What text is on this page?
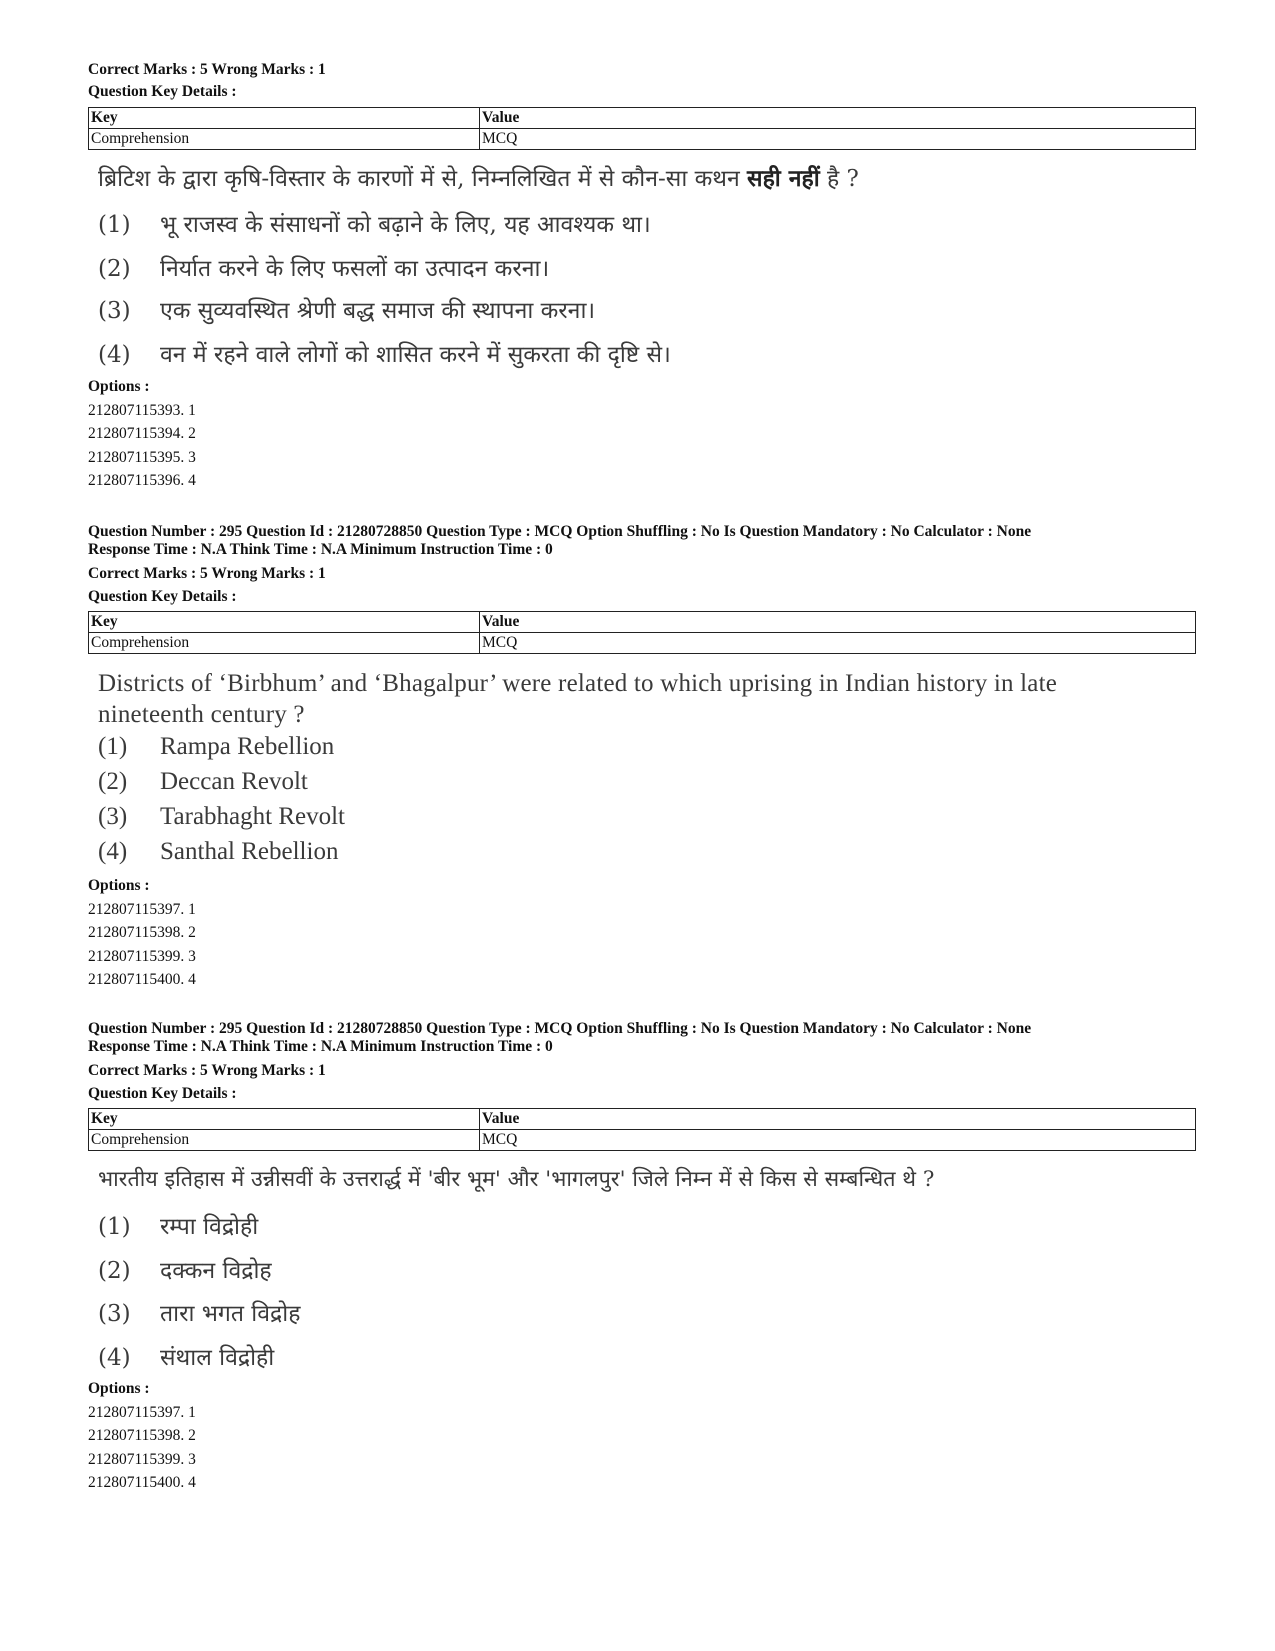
Correct Marks : 5 Wrong Marks : 1
Question Key Details :
Key	Value
Comprehension	MCQ
ब्रिटिश के द्वारा कृषि-विस्तार के कारणों में से, निम्नलिखित में से कौन-सा कथन सही नहीं है ?
(1) भू राजस्व के संसाधनों को बढ़ाने के लिए, यह आवश्यक था।
(2) निर्यात करने के लिए फसलों का उत्पादन करना।
(3) एक सुव्यवस्थित श्रेणी बद्ध समाज की स्थापना करना।
(4) वन में रहने वाले लोगों को शासित करने में सुकरता की दृष्टि से।
Options :
212807115393. 1
212807115394. 2
212807115395. 3
212807115396. 4
Question Number : 295 Question Id : 21280728850 Question Type : MCQ Option Shuffling : No Is Question Mandatory : No Calculator : None
Response Time : N.A Think Time : N.A Minimum Instruction Time : 0
Correct Marks : 5 Wrong Marks : 1
Question Key Details :
Key	Value
Comprehension	MCQ
Districts of ‘Birbhum’ and ‘Bhagalpur’ were related to which uprising in Indian history in late
nineteenth century ?
(1) Rampa Rebellion
(2) Deccan Revolt
(3) Tarabhaght Revolt
(4) Santhal Rebellion
Options :
212807115397. 1
212807115398. 2
212807115399. 3
212807115400. 4
Question Number : 295 Question Id : 21280728850 Question Type : MCQ Option Shuffling : No Is Question Mandatory : No Calculator : None
Response Time : N.A Think Time : N.A Minimum Instruction Time : 0
Correct Marks : 5 Wrong Marks : 1
Question Key Details :
Key	Value
Comprehension	MCQ
भारतीय इतिहास में उन्नीसवीं के उत्तरार्द्ध में 'बीर भूम' और 'भागलपुर' जिले निम्न में से किस से सम्बन्धित थे ?
(1) रम्पा विद्रोही
(2) दक्कन विद्रोह
(3) तारा भगत विद्रोह
(4) संथाल विद्रोही
Options :
212807115397. 1
212807115398. 2
212807115399. 3
212807115400. 4
